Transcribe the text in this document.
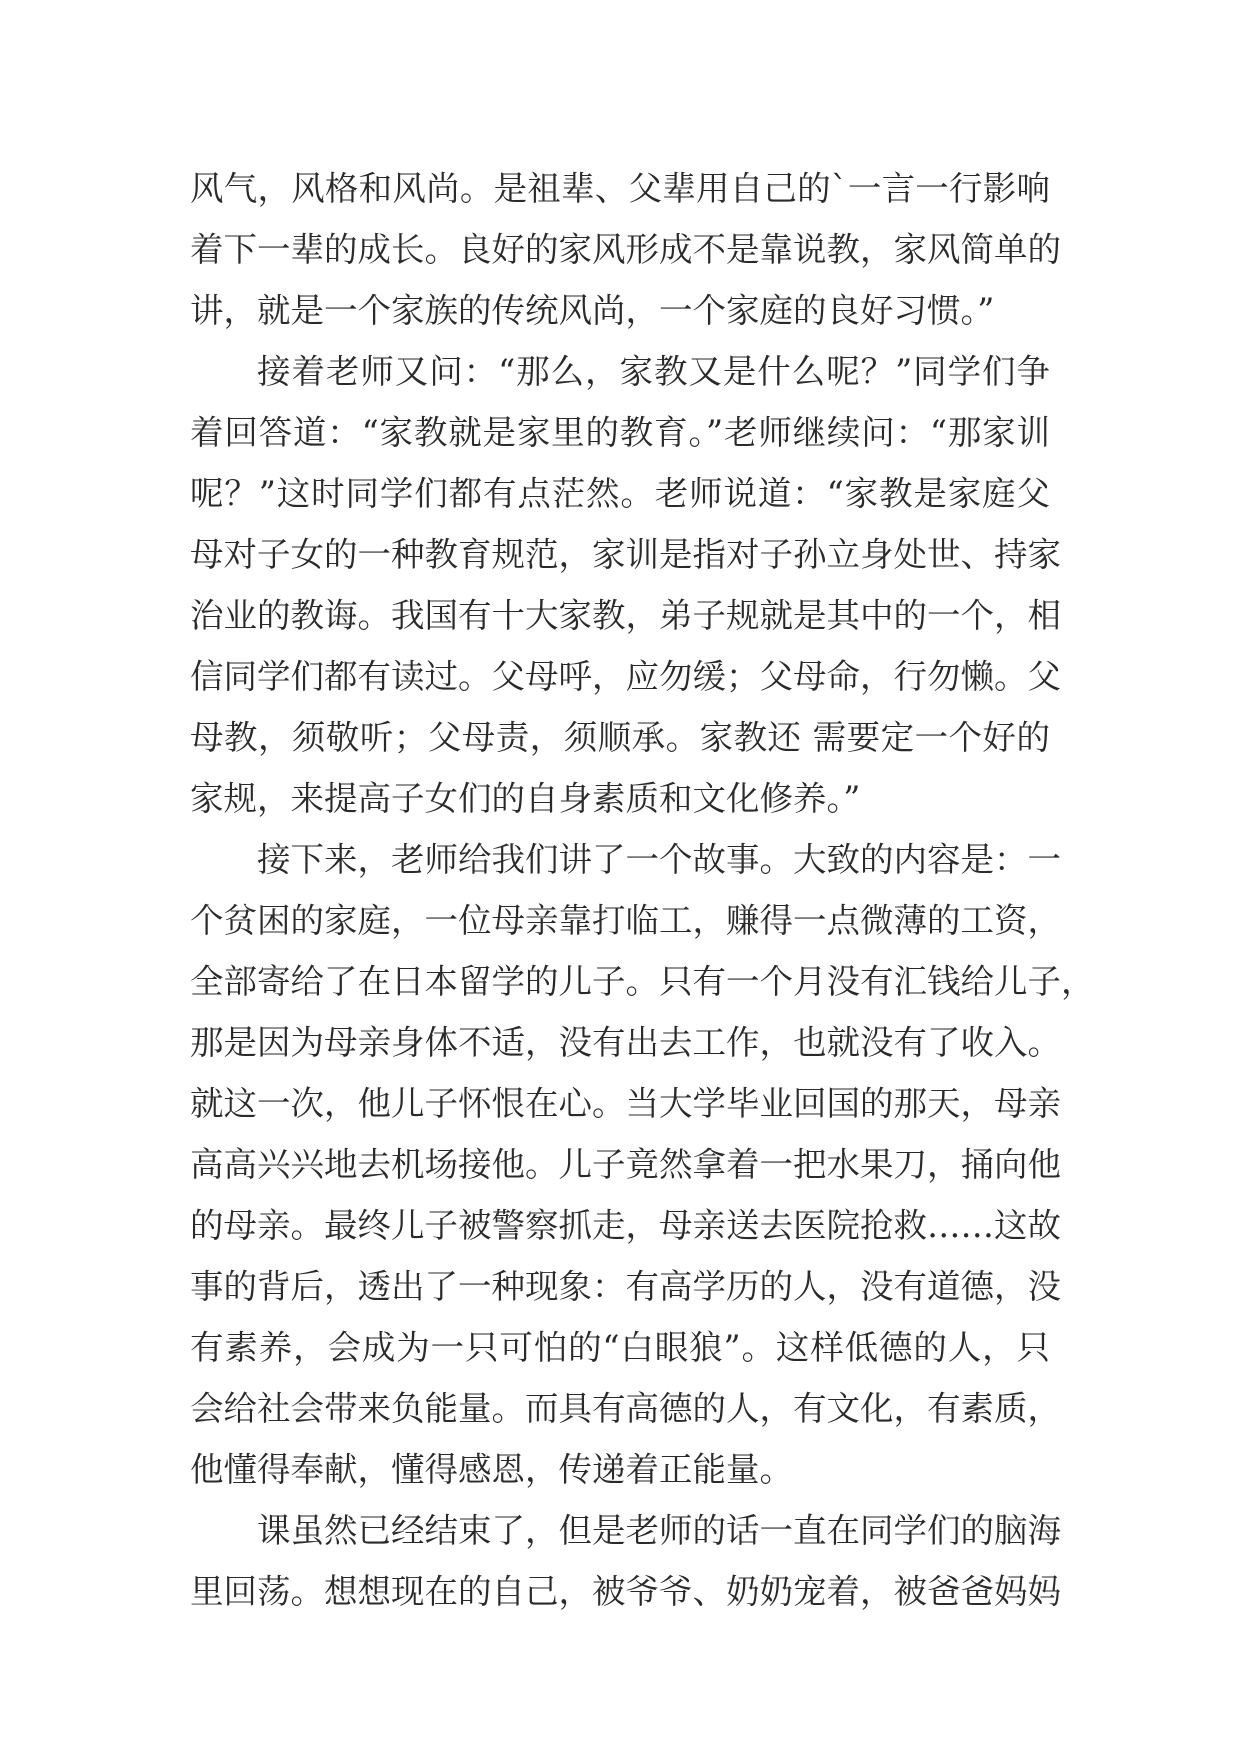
风气，风格和风尚。是祖辈、父辈用自己的`一言一行影响
着下一辈的成长。良好的家风形成不是靠说教，家风简单的
讲，就是一个家族的传统风尚，一个家庭的良好习惯。”
接着老师又问：“那么，家教又是什么呢？”同学们争
着回答道：“家教就是家里的教育。”老师继续问：“那家训
呢？”这时同学们都有点茫然。老师说道：“家教是家庭父
母对子女的一种教育规范，家训是指对子孙立身处世、持家
治业的教诲。我国有十大家教，弟子规就是其中的一个，相
信同学们都有读过。父母呼，应勿缓；父母命，行勿懒。父
母教，须敬听；父母责，须顺承。家教还 需要定一个好的
家规，来提高子女们的自身素质和文化修养。”
接下来，老师给我们讲了一个故事。大致的内容是：一
个贫困的家庭，一位母亲靠打临工，赚得一点微薄的工资，
全部寄给了在日本留学的儿子。只有一个月没有汇钱给儿子，
那是因为母亲身体不适，没有出去工作，也就没有了收入。
就这一次，他儿子怀恨在心。当大学毕业回国的那天，母亲
高高兴兴地去机场接他。儿子竟然拿着一把水果刀，捅向他
的母亲。最终儿子被警察抓走，母亲送去医院抢救……这故
事的背后，透出了一种现象：有高学历的人，没有道德，没
有素养，会成为一只可怕的“白眼狼”。这样低德的人，只
会给社会带来负能量。而具有高德的人，有文化，有素质，
他懂得奉献，懂得感恩，传递着正能量。
课虽然已经结束了，但是老师的话一直在同学们的脑海
里回荡。想想现在的自己，被爷爷、奶奶宠着，被爸爸妈妈
